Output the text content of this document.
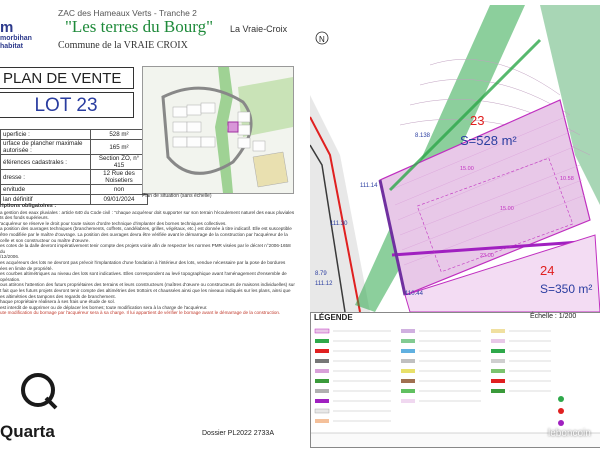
m
morbihan
habitat
ZAC des Hameaux Verts - Tranche 2
"Les terres du Bourg"
Commune de la VRAIE CROIX
La Vraie-Croix
PLAN DE VENTE
LOT 23
uperficie :	528 m²
urface de plancher maximale autorisée :	165 m²
éférences cadastrales :	Section ZO, n° 415
dresse :	12 Rue des Noisetiers
ervitude	non
lan définitif	09/01/2024 Plan de situation (sans échelle)
riptions obligatoires :
a gestion des eaux pluviales : article 640 du Code civil : "chaque acquéreur doit supporter sur son terrain l'écoulement naturel des eaux pluviales
ts des fonds supérieurs.
'acquéreur se réserve le droit pour toute raison d'ordre technique d'implanter des bornes techniques collectives.
a position des ouvrages techniques (branchements, coffrets, candélabres, grilles, végétaux, etc.) est donnée à titre indicatif. Elle est susceptible
être modifiée par le maître d'ouvrage. La position des ouvrages devra être vérifiée avant le démarrage de la construction par l'acquéreur de la
celle et son constructeur ou maître d'œuvre.
es cotes de la dalle devront impérativement tenir compte des projets voirie afin de respecter les normes PMR visées par le décret n°2006-1658 du
/12/2006.
es acquéreurs des lots ne devront pas prévoir l'implantation d'une fondation à l'intérieur des lots, vendue nécessaire par la pose de bordures
ées en limite de propriété.
es courbes altimétriques au niveau des lots sont indicatives. Elles correspondent au levé topographique avant l'aménagement d'ensemble de
opération.
ous attirons l'attention des futurs propriétaires des terrains et leurs constructeurs (maîtres d'œuvre ou constructeurs de maisons individuelles) sur
t fait que les futurs projets devront tenir compte des altimétries des trottoirs et chaussées ainsi que les niveaux indiqués sur les plans, ainsi que
es altimétries des tampons des regards de branchement.
haque propriétaire réalisera à ses frais une étude de sol.
est interdit de supprimer ou de déplacer les bornes; toute modification sera à la charge de l'acquéreur.
ute modification du bornage par l'acquéreur sera à sa charge. Il lui appartient de vérifier le bornage avant le démarrage de la construction.
Quarta	Dossier PL2022 2733A
N
23
S=528 m²
24
S=350 m²
111.14
111.30
111.12
110.44
8.138
8.79
15.00
15.00
23.00
10.58
LÉGENDE	Échelle : 1/200
leboncoin
